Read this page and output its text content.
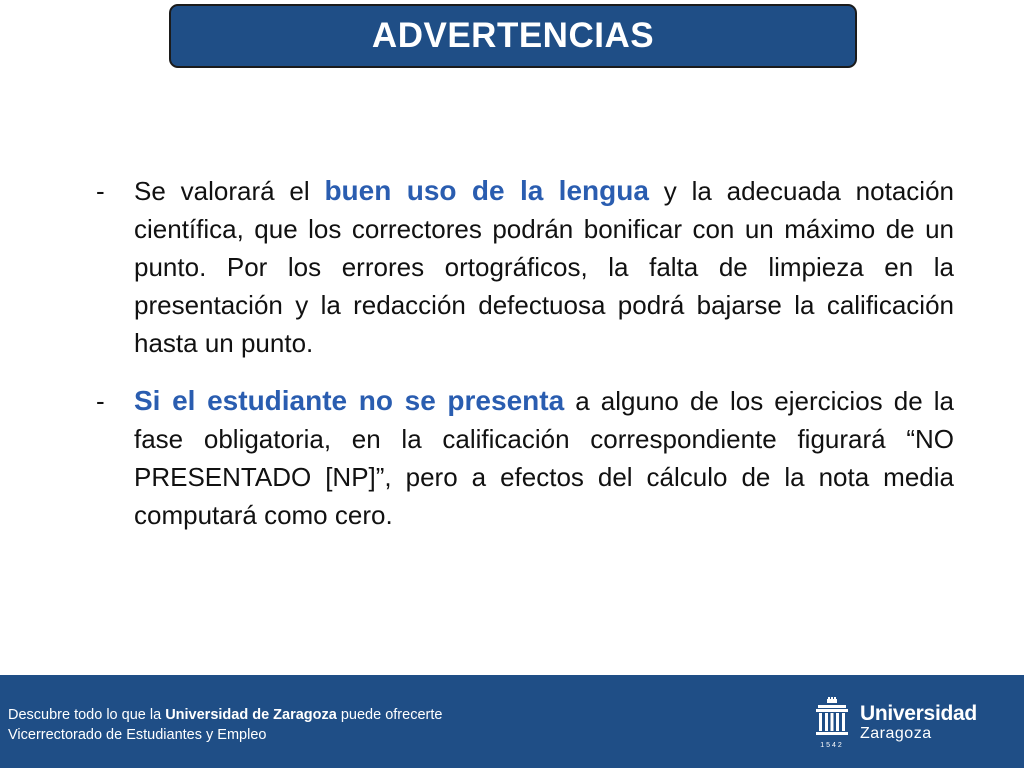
ADVERTENCIAS
- Se valorará el buen uso de la lengua y la adecuada notación científica, que los correctores podrán bonificar con un máximo de un punto. Por los errores ortográficos, la falta de limpieza en la presentación y la redacción defectuosa podrá bajarse la calificación hasta un punto.
- Si el estudiante no se presenta a alguno de los ejercicios de la fase obligatoria, en la calificación correspondiente figurará “NO PRESENTADO [NP]”, pero a efectos del cálculo de la nota media computará como cero.
Descubre todo lo que la Universidad de Zaragoza puede ofrecerte
Vicerrectorado de Estudiantes y Empleo
1542
Universidad
Zaragoza
